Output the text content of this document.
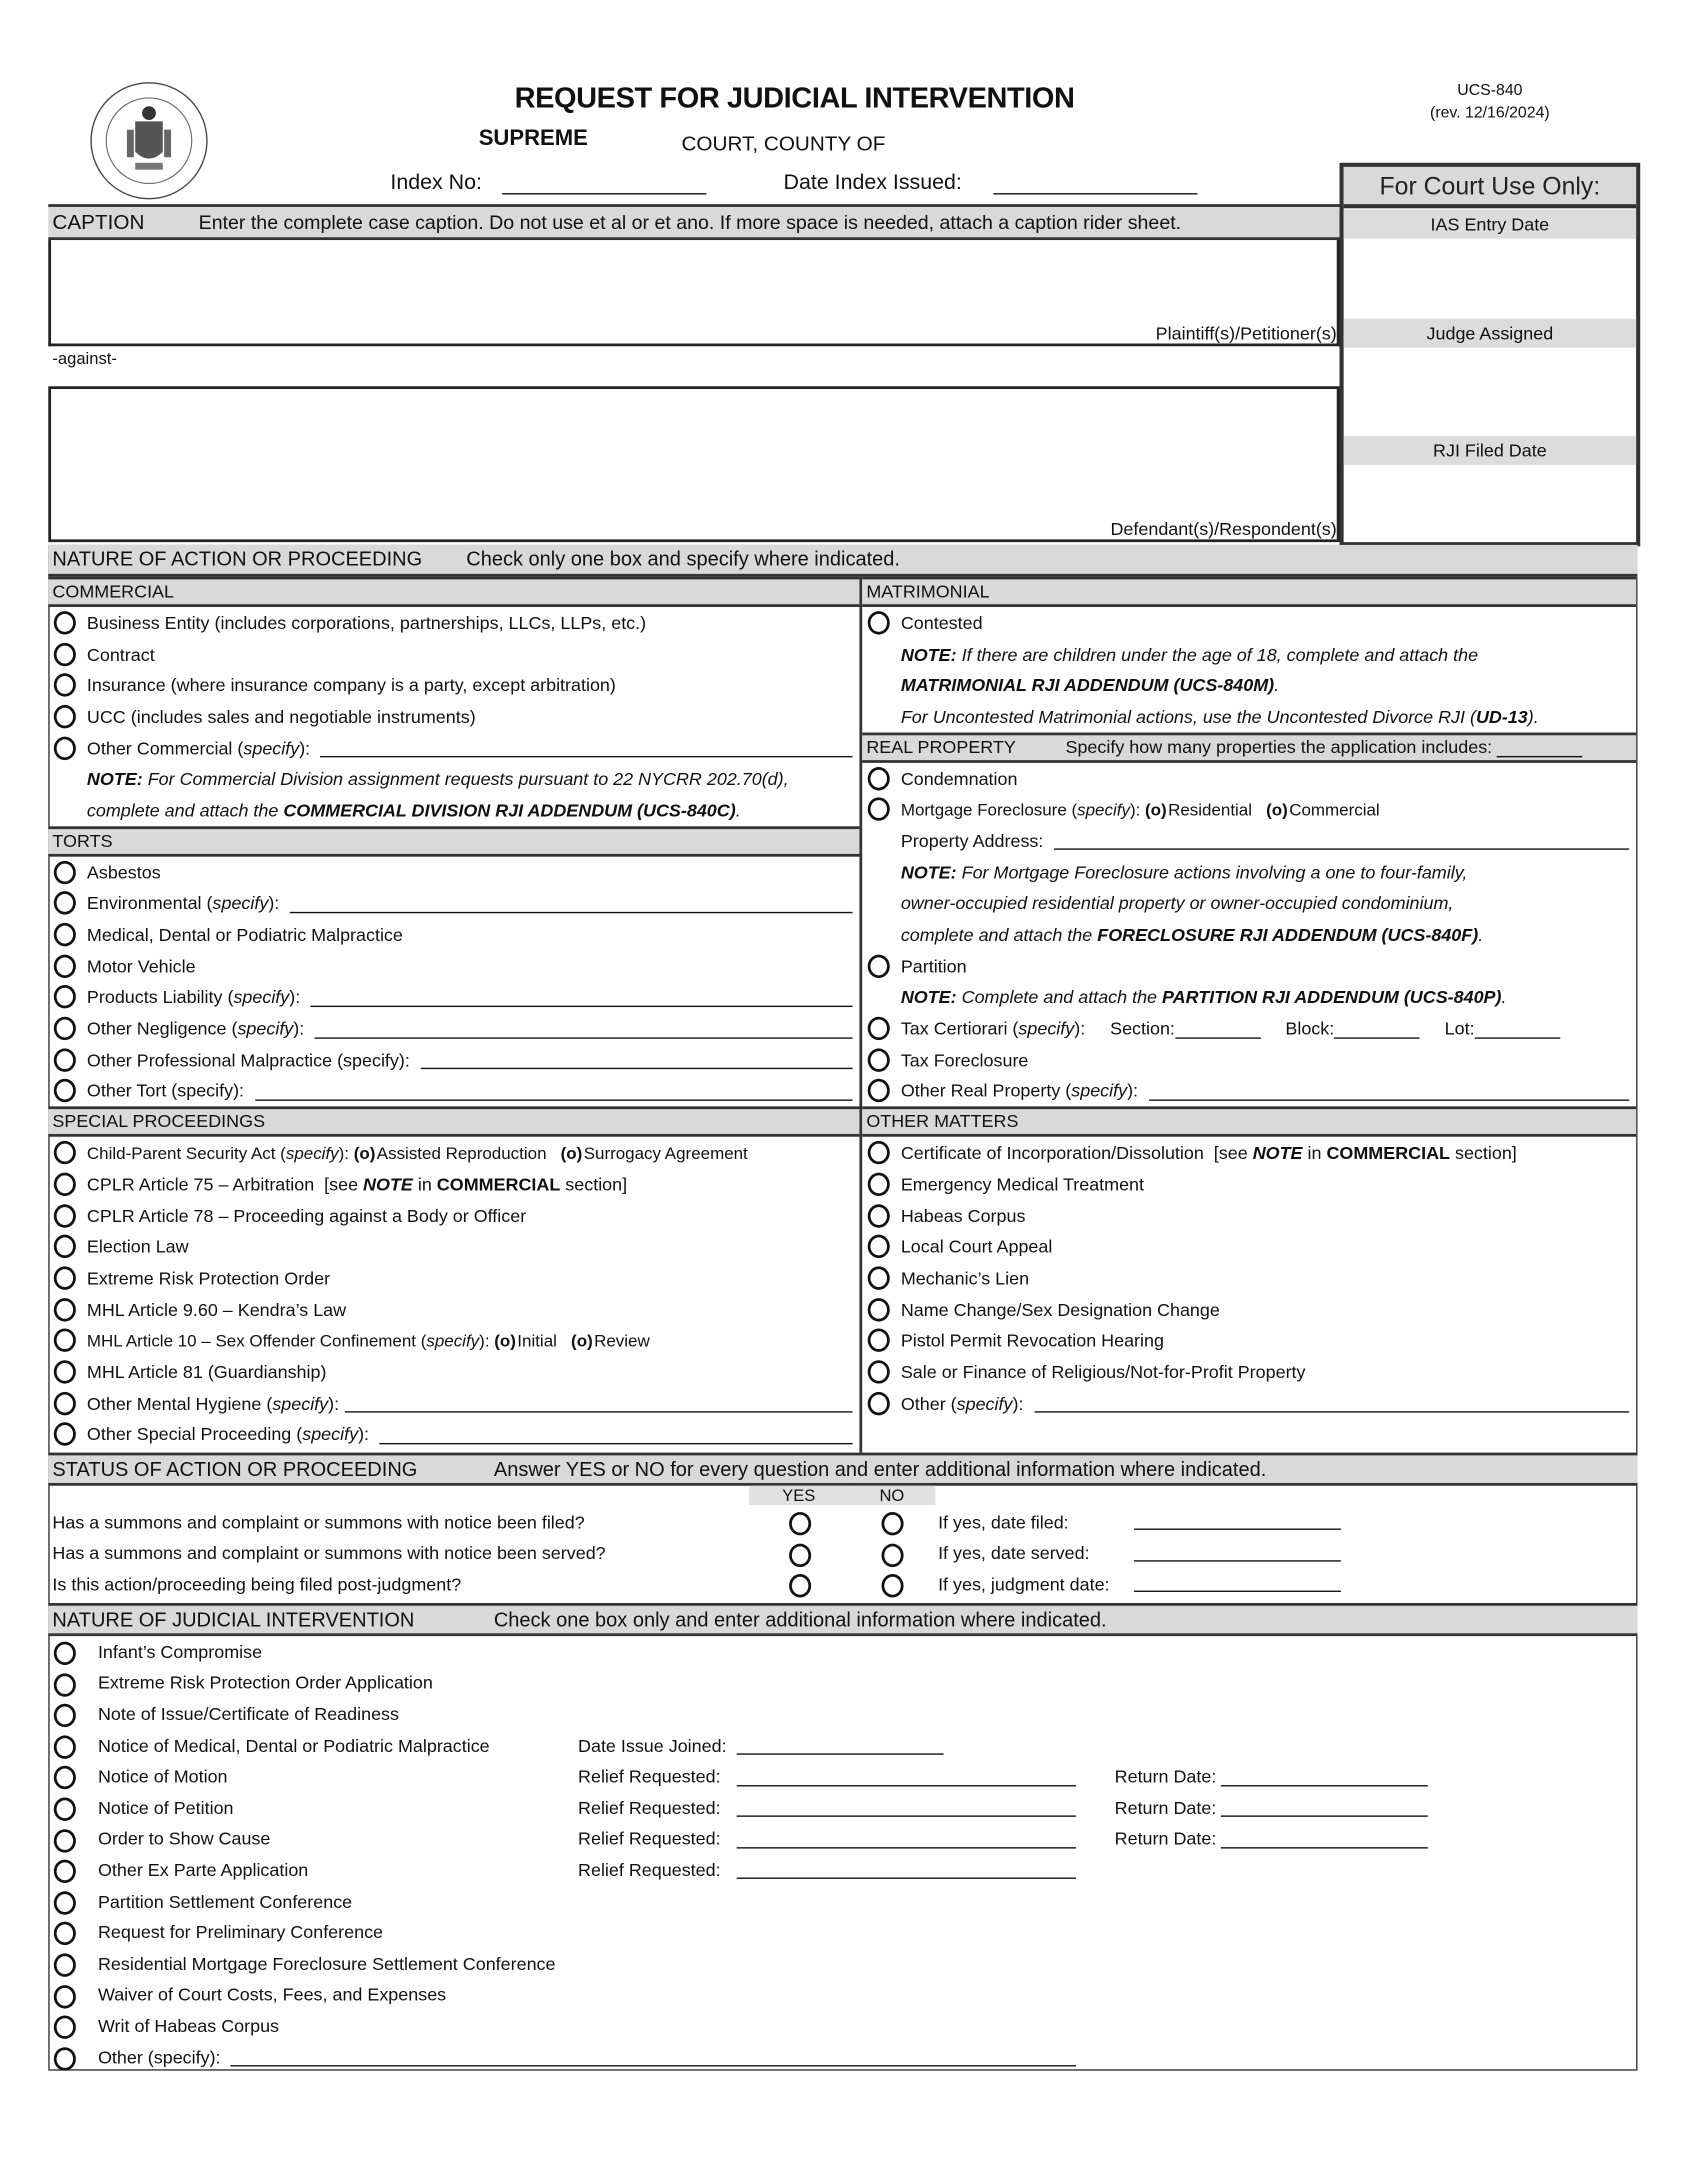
REQUEST FOR JUDICIAL INTERVENTION
SUPREME	COURT, COUNTY OF
UCS-840
(rev. 12/16/2024)
Index No:	Date Index Issued:	For Court Use Only:
IAS Entry Date
Judge Assigned
RJI Filed Date
CAPTION	Enter the complete case caption. Do not use et al or et ano. If more space is needed, attach a caption rider sheet.
Plaintiff(s)/Petitioner(s)
-against-
Defendant(s)/Respondent(s)
NATURE OF ACTION OR PROCEEDING	Check only one box and specify where indicated.
COMMERCIAL
Business Entity (includes corporations, partnerships, LLCs, LLPs, etc.)
Contract
Insurance (where insurance company is a party, except arbitration)
UCC (includes sales and negotiable instruments)
Other Commercial ( specify ):
NOTE:
For Commercial Division assignment requests pursuant to 22 NYCRR 202.70(d),
complete and attach the
COMMERCIAL DIVISION RJI ADDENDUM (UCS-840C) .
TORTS
Asbestos
Environmental ( specify ):
Medical, Dental or Podiatric Malpractice
Motor Vehicle
Products Liability ( specify ):
Other Negligence ( specify ):
Other Professional Malpractice (specify):
Other Tort (specify):
SPECIAL PROCEEDINGS
Child-Parent Security Act ( specify ): (o) Assisted Reproduction (o) Surrogacy Agreement
CPLR Article 75 – Arbitration  [see NOTE in COMMERCIAL section]
CPLR Article 78 – Proceeding against a Body or Officer
Election Law
Extreme Risk Protection Order
MHL Article 9.60 – Kendra’s Law
MHL Article 10 – Sex Offender Confinement ( specify ): (o) Initial (o) Review
MHL Article 81 (Guardianship)
Other Mental Hygiene ( specify ):
Other Special Proceeding ( specify ):
MATRIMONIAL
Contested
NOTE:
If there are children under the age of 18, complete and attach the
MATRIMONIAL RJI ADDENDUM (UCS-840M) .
For Uncontested Matrimonial actions, use the Uncontested Divorce RJI ( UD-13 ).
REAL PROPERTY	Specify how many properties the application includes:
Condemnation
Mortgage Foreclosure ( specify ): (o) Residential (o) Commercial
Property Address:
NOTE:
For Mortgage Foreclosure actions involving a one to four-family,
owner-occupied residential property or owner-occupied condominium,
complete and attach the
FORECLOSURE RJI ADDENDUM (UCS-840F) .
Partition
NOTE:
Complete and attach the
PARTITION RJI ADDENDUM (UCS-840P) .
Tax Certiorari ( specify ):     Section:	Block:	Lot:
Tax Foreclosure
Other Real Property ( specify ):
OTHER MATTERS
Certificate of Incorporation/Dissolution  [see NOTE in COMMERCIAL section]
Emergency Medical Treatment
Habeas Corpus
Local Court Appeal
Mechanic’s Lien
Name Change/Sex Designation Change
Pistol Permit Revocation Hearing
Sale or Finance of Religious/Not-for-Profit Property
Other ( specify ):
STATUS OF ACTION OR PROCEEDING	Answer YES or NO for every question and enter additional information where indicated.
YES	NO
Has a summons and complaint or summons with notice been filed?	If yes, date filed:
Has a summons and complaint or summons with notice been served?	If yes, date served:
Is this action/proceeding being filed post-judgment?	If yes, judgment date:
NATURE OF JUDICIAL INTERVENTION	Check one box only and enter additional information where indicated.
Infant’s Compromise
Extreme Risk Protection Order Application
Note of Issue/Certificate of Readiness
Notice of Medical, Dental or Podiatric Malpractice	Date Issue Joined:
Notice of Motion	Relief Requested:	Return Date:
Notice of Petition	Relief Requested:	Return Date:
Order to Show Cause	Relief Requested:	Return Date:
Other Ex Parte Application	Relief Requested:
Partition Settlement Conference
Request for Preliminary Conference
Residential Mortgage Foreclosure Settlement Conference
Waiver of Court Costs, Fees, and Expenses
Writ of Habeas Corpus
Other (specify):
